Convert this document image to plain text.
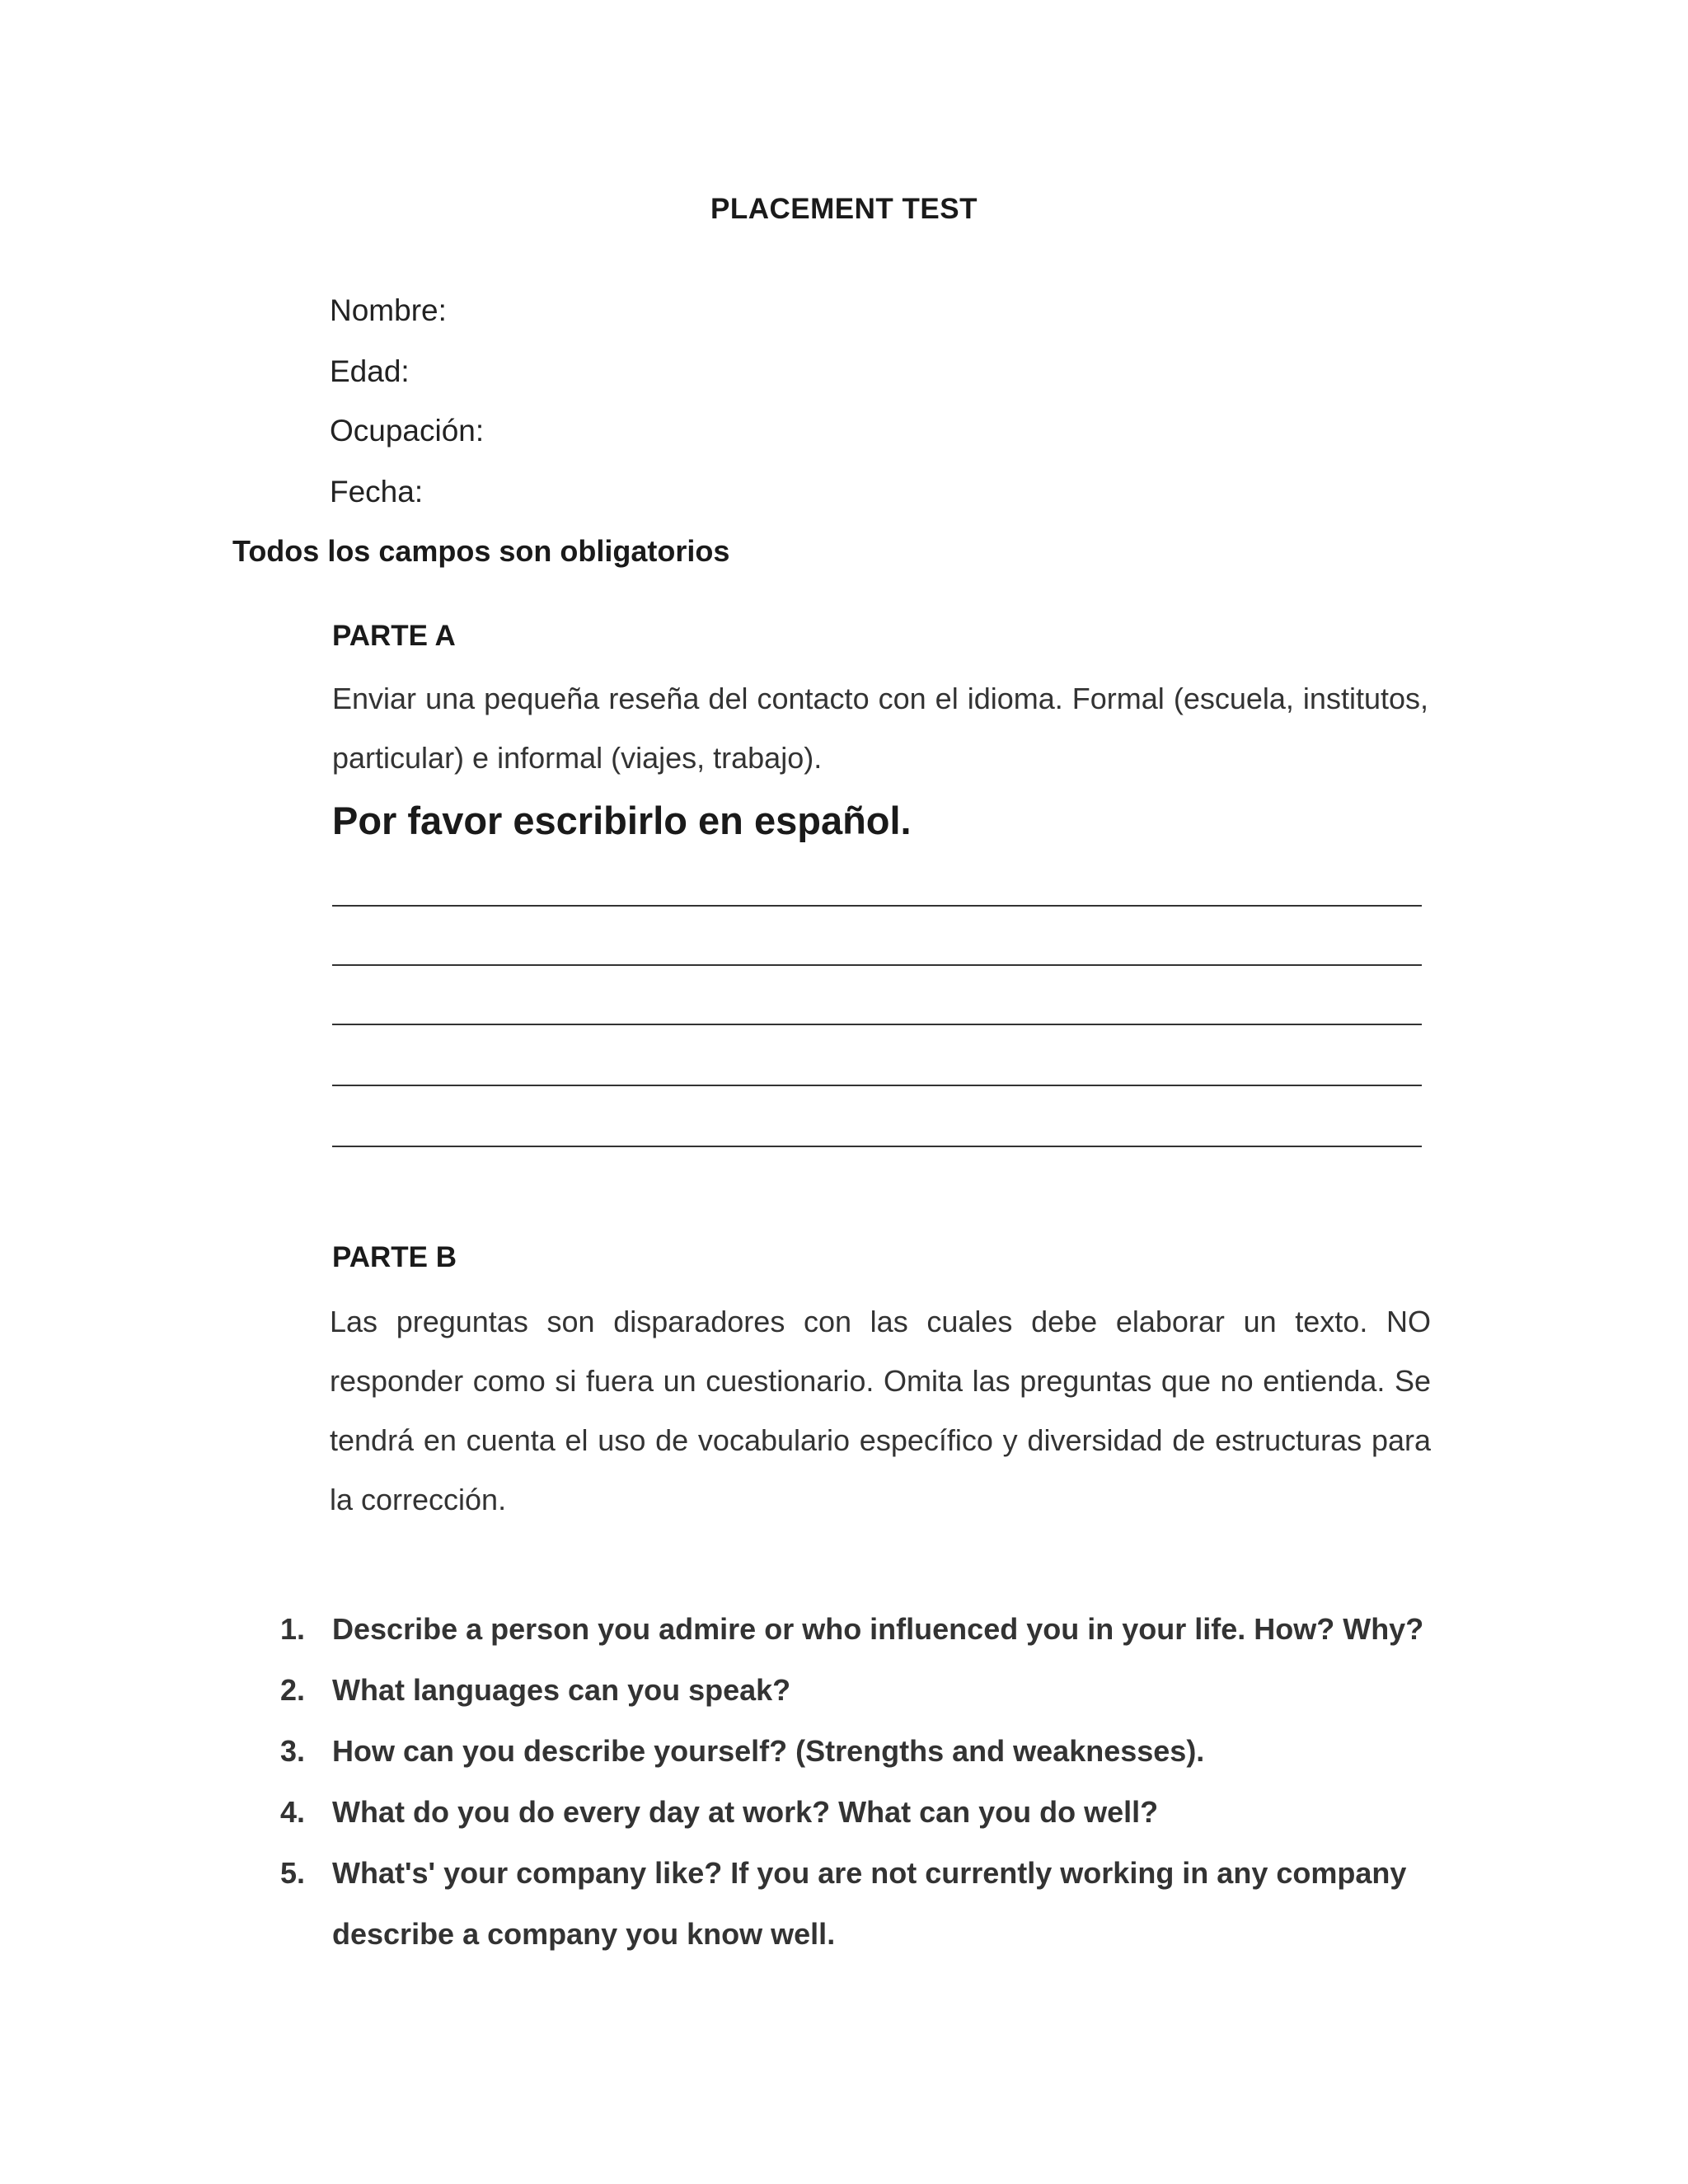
PLACEMENT TEST
Nombre:
Edad:
Ocupación:
Fecha:
Todos los campos son obligatorios
PARTE A
Enviar una pequeña reseña del contacto con el idioma. Formal (escuela, institutos, particular) e informal (viajes, trabajo).
Por favor escribirlo en español.
PARTE B
Las preguntas son disparadores con las cuales debe elaborar un texto. NO responder como si fuera un cuestionario. Omita las preguntas que no entienda. Se tendrá en cuenta el uso de vocabulario específico y diversidad de estructuras para la corrección.
1. Describe a person you admire or who influenced you in your life. How? Why?
2. What languages can you speak?
3. How can you describe yourself? (Strengths and weaknesses).
4. What do you do every day at work? What can you do well?
5. What's' your company like? If you are not currently working in any company describe a company you know well.
